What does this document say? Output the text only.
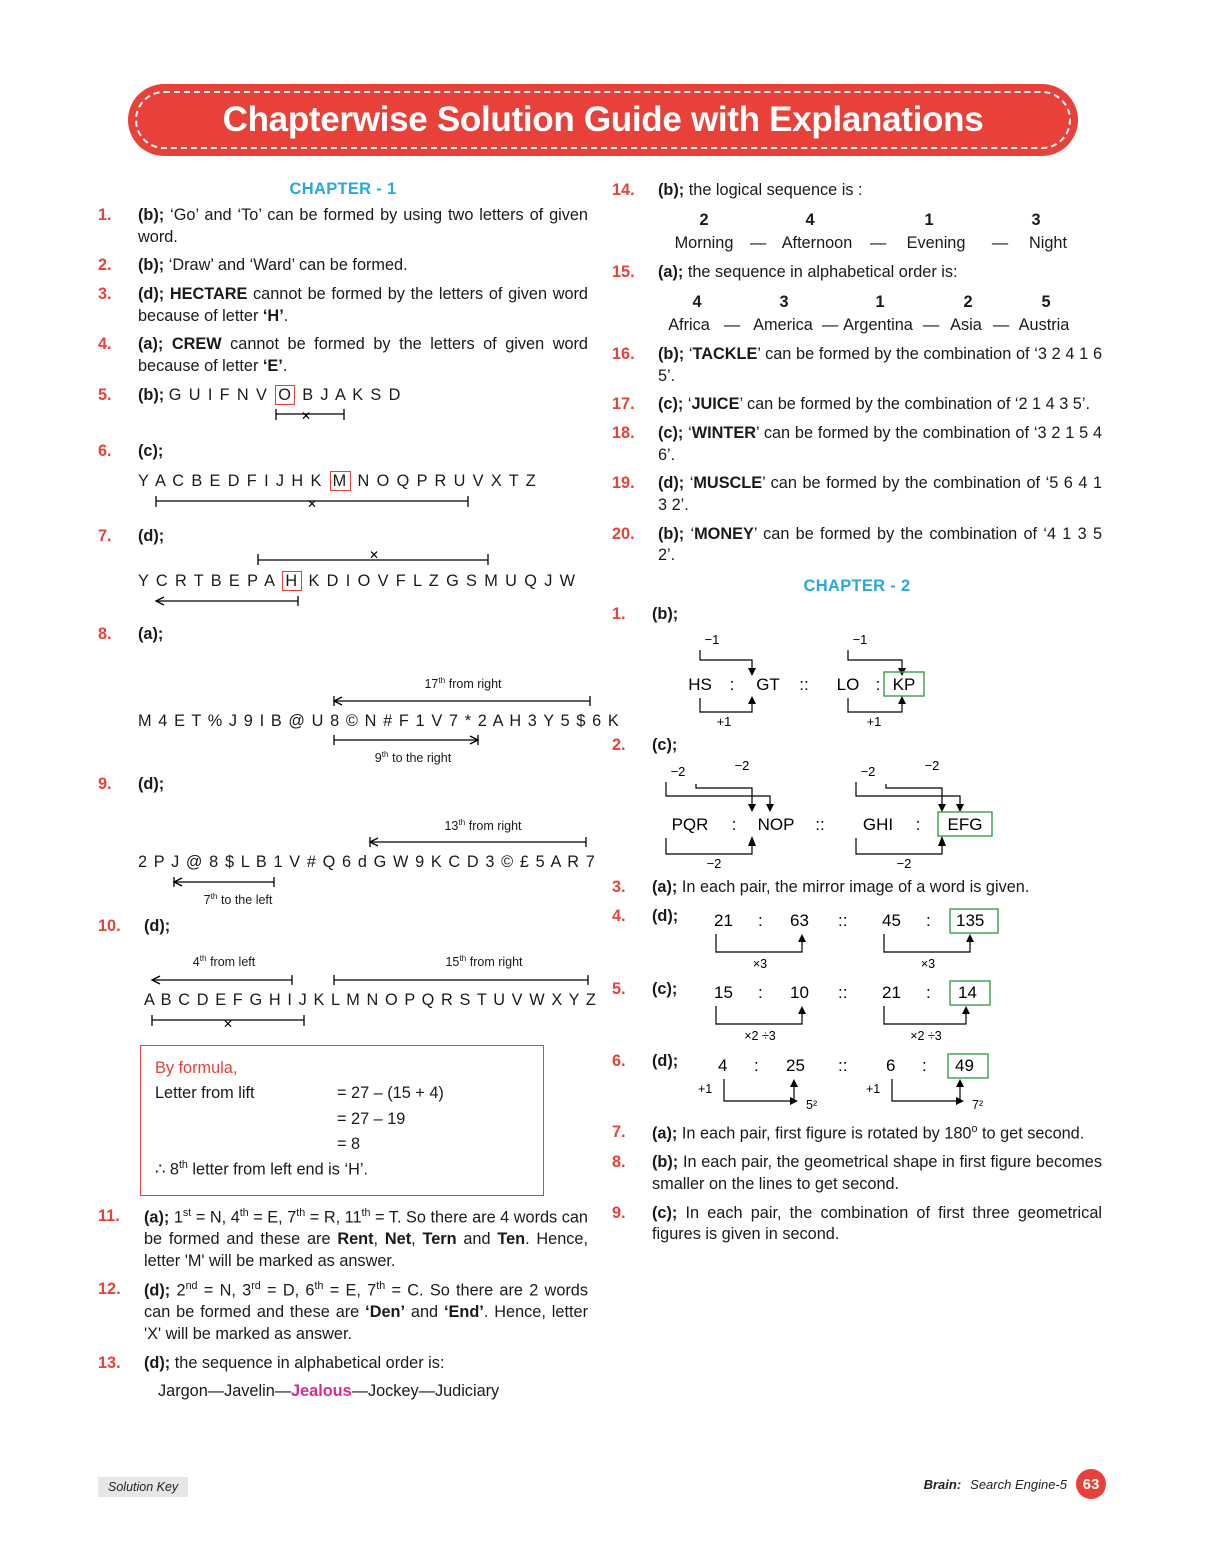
Chapterwise Solution Guide with Explanations
CHAPTER - 1
1.	(b); ‘Go’ and ‘To’ can be formed by using two letters of given word.
2.	(b); ‘Draw’ and ‘Ward’ can be formed.
3.	(d); HECTARE cannot be formed by the letters of given word because of letter ‘H’.
4.	(a); CREW cannot be formed by the letters of given word because of letter ‘E’.
5.	(b); G U I F N V O B J A K S D
✕
6.	(c);
Y A C B E D F I J H K M N O Q P R U V X T Z
✕
7.	(d);
✕
Y C R T B E P A H K D I O V F L Z G S M U Q J W
8.	(a);
17th from right
M 4 E T % J 9 I B @ U 8 © N # F 1 V 7 * 2 A H 3 Y 5 $ 6 K
9th to the right
9.	(d);
13th from right
2 P J @ 8 $ L B 1 V # Q 6 d G W 9 K C D 3 © £ 5 A R 7
7th to the left
10.	(d);
4th from left	15th from right
A B C D E F G H I J K L M N O P Q R S T U V W X Y Z
✕
By formula,
Letter from lift	= 27 – (15 + 4)
= 27 – 19
= 8
∴ 8th letter from left end is ‘H’.
11.	(a); 1st = N, 4th = E, 7th = R, 11th = T. So there are 4 words can be formed and these are Rent, Net, Tern and Ten. Hence, letter 'M' will be marked as answer.
12.	(d); 2nd = N, 3rd = D, 6th = E, 7th = C. So there are 2 words can be formed and these are ‘Den’ and ‘End’. Hence, letter 'X' will be marked as answer.
13.	(d); the sequence in alphabetical order is:
Jargon—Javelin—Jealous—Jockey—Judiciary
14.	(b); the logical sequence is :
2	4	1	3
Morning	— Afternoon	—	Evening	—	Night
15.	(a); the sequence in alphabetical order is:
4	3	1	2	5
Africa — America — Argentina — Asia — Austria
16.	(b); ‘TACKLE’ can be formed by the combination of ‘3 2 4 1 6 5’.
17.	(c); ‘JUICE’ can be formed by the combination of ‘2 1 4 3 5’.
18.	(c); ‘WINTER’ can be formed by the combination of ‘3 2 1 5 4 6’.
19.	(d); ‘MUSCLE’ can be formed by the combination of ‘5 6 4 1 3 2’.
20.	(b); ‘MONEY’ can be formed by the combination of ‘4 1 3 5 2’.
CHAPTER - 2
1.	(b);
−1
HS : GT ::
+1
−1
LO : KP
+1
2.	(c);
−2	−2
PQR : NOP ::
−2
−2	−2
GHI : EFG
−2
3.	(a); In each pair, the mirror image of a word is given.
4.	(d); 21 : 63 :: 45 : 135
×3	×3
5.	(c); 15 : 10 :: 21 : 14
×2 ÷3	×2 ÷3
6.	(d); 4 : 25 :: 6 : 49
+1
5²
+1
7²
7.	(a); In each pair, first figure is rotated by 180$^o$ to get second.
8.	(b); In each pair, the geometrical shape in first figure becomes smaller on the lines to get second.
9.	(c); In each pair, the combination of first three geometrical figures is given in second.
Solution Key	Brain: Search Engine-5	63
